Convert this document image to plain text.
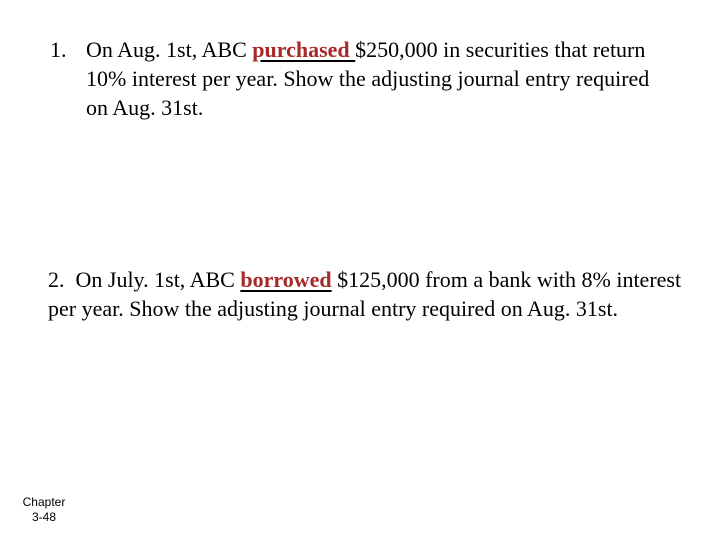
1. On Aug. 1st, ABC purchased $250,000 in securities that return 10% interest per year. Show the adjusting journal entry required on Aug. 31st.
2. On July. 1st, ABC borrowed $125,000 from a bank with 8% interest per year. Show the adjusting journal entry required on Aug. 31st.
Chapter
3-48
